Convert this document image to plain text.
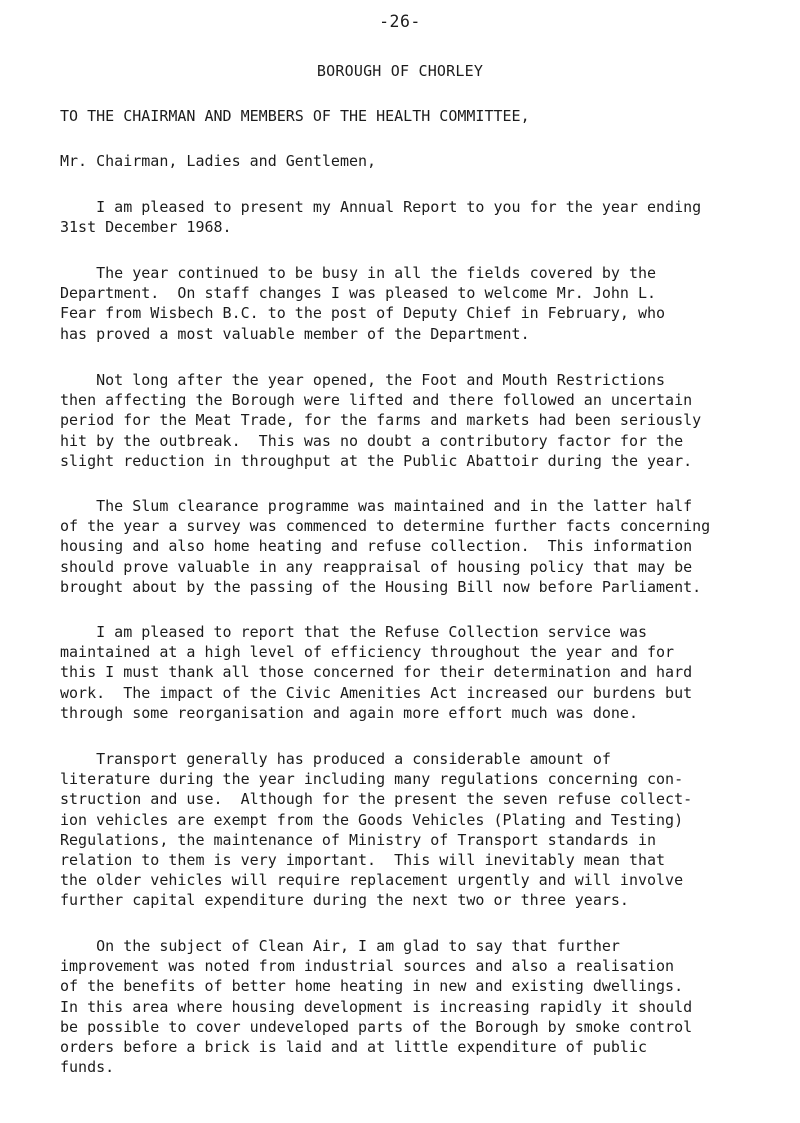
-26-
BOROUGH OF CHORLEY
TO THE CHAIRMAN AND MEMBERS OF THE HEALTH COMMITTEE,
Mr. Chairman, Ladies and Gentlemen,
I am pleased to present my Annual Report to you for the year ending
31st December 1968.
The year continued to be busy in all the fields covered by the
Department.  On staff changes I was pleased to welcome Mr. John L.
Fear from Wisbech B.C. to the post of Deputy Chief in February, who
has proved a most valuable member of the Department.
Not long after the year opened, the Foot and Mouth Restrictions
then affecting the Borough were lifted and there followed an uncertain
period for the Meat Trade, for the farms and markets had been seriously
hit by the outbreak.  This was no doubt a contributory factor for the
slight reduction in throughput at the Public Abattoir during the year.
The Slum clearance programme was maintained and in the latter half
of the year a survey was commenced to determine further facts concerning
housing and also home heating and refuse collection.  This information
should prove valuable in any reappraisal of housing policy that may be
brought about by the passing of the Housing Bill now before Parliament.
I am pleased to report that the Refuse Collection service was
maintained at a high level of efficiency throughout the year and for
this I must thank all those concerned for their determination and hard
work.  The impact of the Civic Amenities Act increased our burdens but
through some reorganisation and again more effort much was done.
Transport generally has produced a considerable amount of
literature during the year including many regulations concerning con-
struction and use.  Although for the present the seven refuse collect-
ion vehicles are exempt from the Goods Vehicles (Plating and Testing)
Regulations, the maintenance of Ministry of Transport standards in
relation to them is very important.  This will inevitably mean that
the older vehicles will require replacement urgently and will involve
further capital expenditure during the next two or three years.
On the subject of Clean Air, I am glad to say that further
improvement was noted from industrial sources and also a realisation
of the benefits of better home heating in new and existing dwellings.
In this area where housing development is increasing rapidly it should
be possible to cover undeveloped parts of the Borough by smoke control
orders before a brick is laid and at little expenditure of public
funds.
